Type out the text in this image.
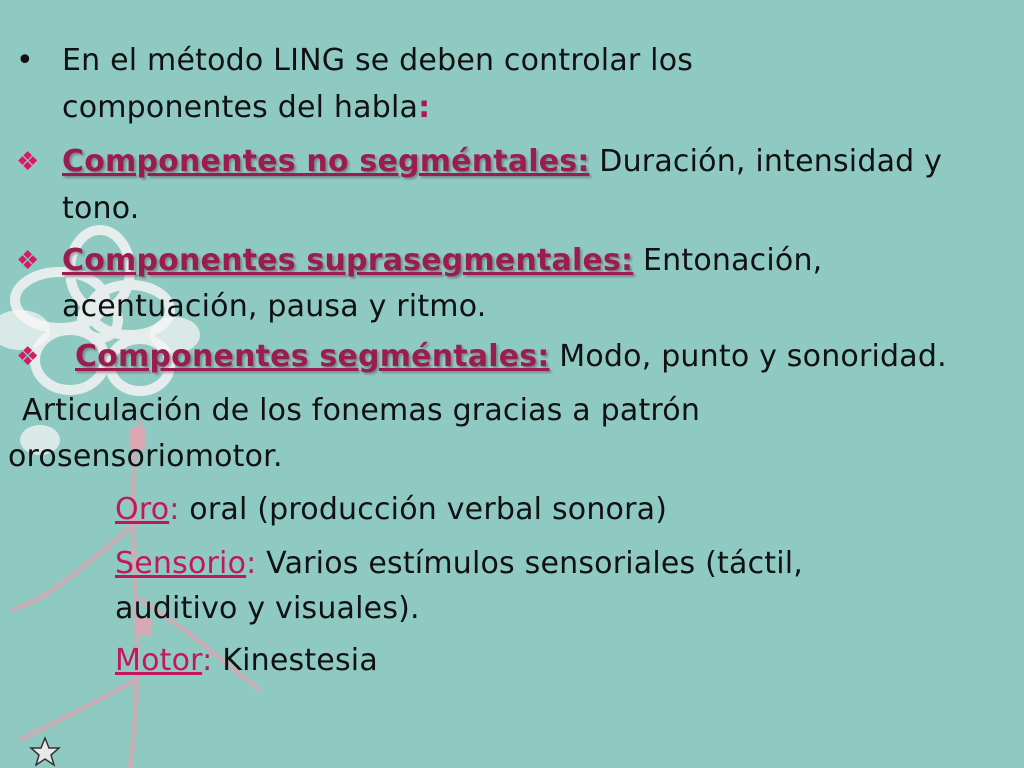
• En el método LING se deben controlar los
componentes del habla:
❖ Componentes no segméntales: Duración, intensidad y
tono.
❖ Componentes suprasegmentales: Entonación,
acentuación, pausa y ritmo.
❖ Componentes segméntales: Modo, punto y sonoridad.
Articulación de los fonemas gracias a patrón
orosensoriomotor.
Oro: oral (producción verbal sonora)
Sensorio: Varios estímulos sensoriales (táctil,
auditivo y visuales).
Motor: Kinestesia
